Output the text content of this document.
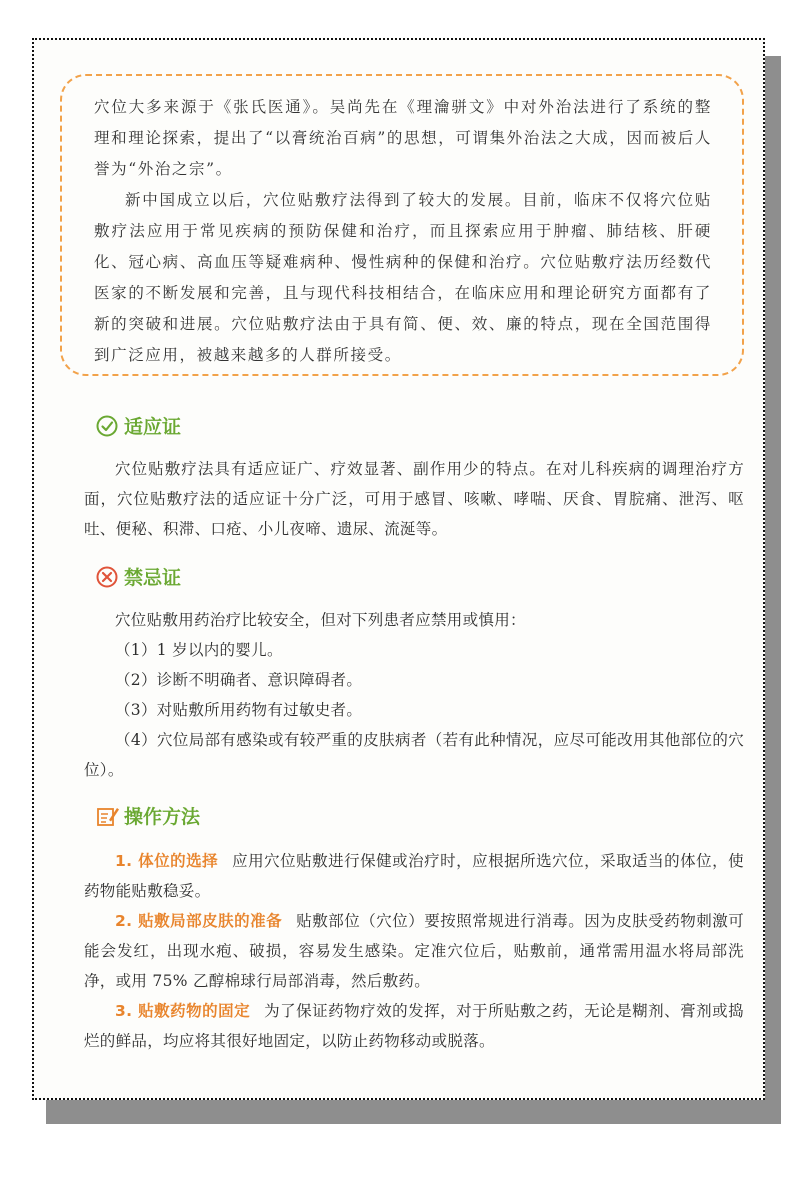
穴位大多来源于《张氏医通》。吴尚先在《理瀹骈文》中对外治法进行了系统的整理和理论探索，提出了“以膏统治百病”的思想，可谓集外治法之大成，因而被后人誉为“外治之宗”。

新中国成立以后，穴位贴敷疗法得到了较大的发展。目前，临床不仅将穴位贴敷疗法应用于常见疾病的预防保健和治疗，而且探索应用于肿瘤、肺结核、肝硬化、冠心病、高血压等疑难病种、慢性病种的保健和治疗。穴位贴敷疗法历经数代医家的不断发展和完善，且与现代科技相结合，在临床应用和理论研究方面都有了新的突破和进展。穴位贴敷疗法由于具有简、便、效、廉的特点，现在全国范围得到广泛应用，被越来越多的人群所接受。

适应证

穴位贴敷疗法具有适应证广、疗效显著、副作用少的特点。在对儿科疾病的调理治疗方面，穴位贴敷疗法的适应证十分广泛，可用于感冒、咳嗽、哮喘、厌食、胃脘痛、泄泻、呕吐、便秘、积滞、口疮、小儿夜啼、遗尿、流涎等。

禁忌证

穴位贴敷用药治疗比较安全，但对下列患者应禁用或慎用：

（1）1 岁以内的婴儿。

（2）诊断不明确者、意识障碍者。

（3）对贴敷所用药物有过敏史者。

（4）穴位局部有感染或有较严重的皮肤病者（若有此种情况，应尽可能改用其他部位的穴位）。

操作方法

1. 体位的选择 应用穴位贴敷进行保健或治疗时，应根据所选穴位，采取适当的体位，使药物能贴敷稳妥。

2. 贴敷局部皮肤的准备 贴敷部位（穴位）要按照常规进行消毒。因为皮肤受药物刺激可能会发红，出现水疱、破损，容易发生感染。定准穴位后，贴敷前，通常需用温水将局部洗净，或用 75% 乙醇棉球行局部消毒，然后敷药。

3. 贴敷药物的固定 为了保证药物疗效的发挥，对于所贴敷之药，无论是糊剂、膏剂或捣烂的鲜品，均应将其很好地固定，以防止药物移动或脱落。
